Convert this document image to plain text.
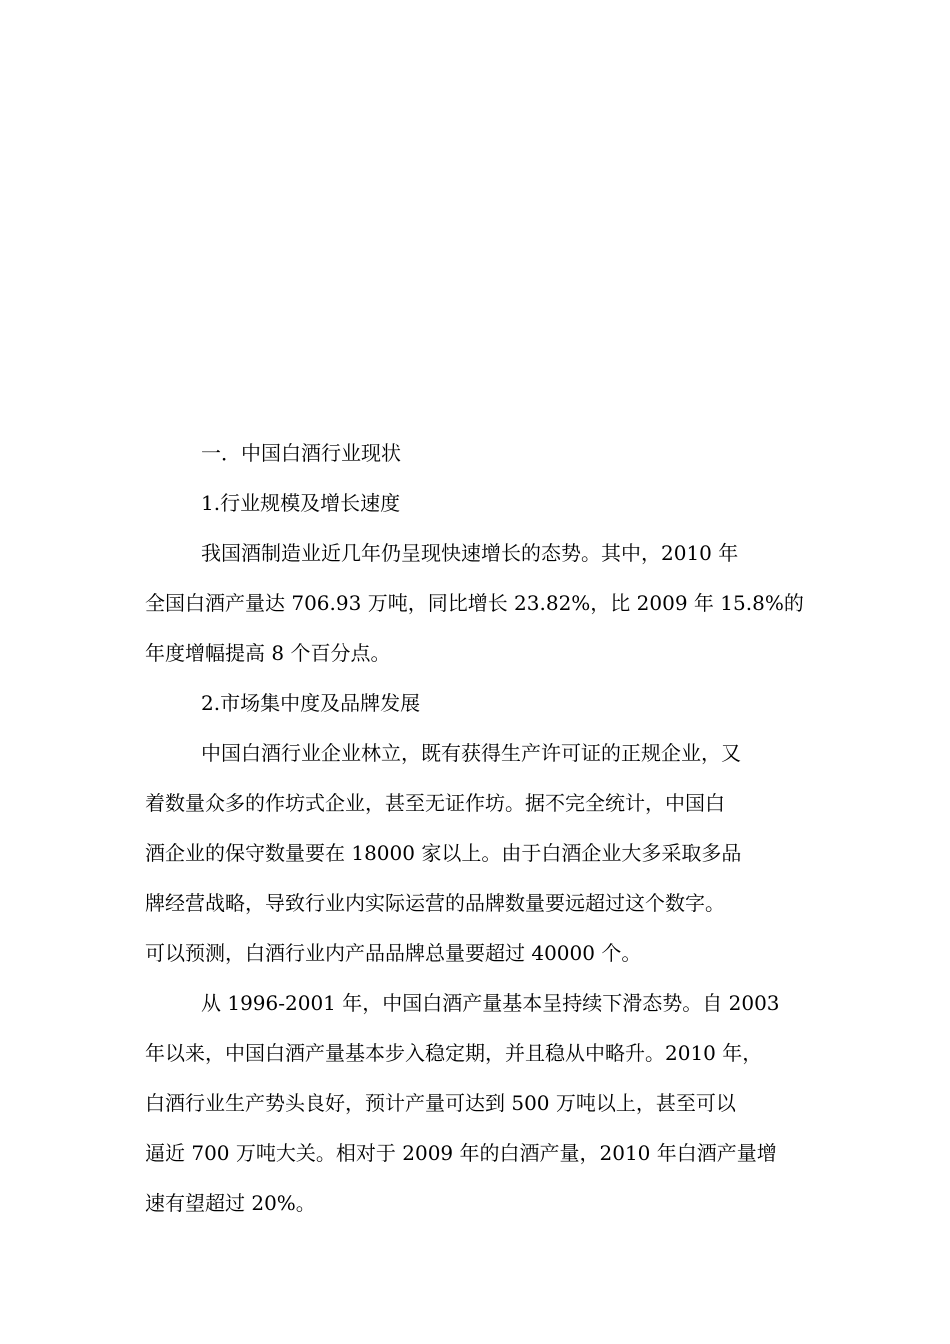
一．中国白酒行业现状

1.行业规模及增长速度

我国酒制造业近几年仍呈现快速增长的态势。其中，2010 年
全国白酒产量达 706.93 万吨，同比增长 23.82%，比 2009 年 15.8%的
年度增幅提高 8 个百分点。

2.市场集中度及品牌发展

中国白酒行业企业林立，既有获得生产许可证的正规企业，又
着数量众多的作坊式企业，甚至无证作坊。据不完全统计，中国白
酒企业的保守数量要在 18000 家以上。由于白酒企业大多采取多品
牌经营战略，导致行业内实际运营的品牌数量要远超过这个数字。
可以预测，白酒行业内产品品牌总量要超过 40000 个。

从 1996-2001 年，中国白酒产量基本呈持续下滑态势。自 2003
年以来，中国白酒产量基本步入稳定期，并且稳从中略升。2010 年，
白酒行业生产势头良好，预计产量可达到 500 万吨以上，甚至可以
逼近 700 万吨大关。相对于 2009 年的白酒产量，2010 年白酒产量增
速有望超过 20%。
